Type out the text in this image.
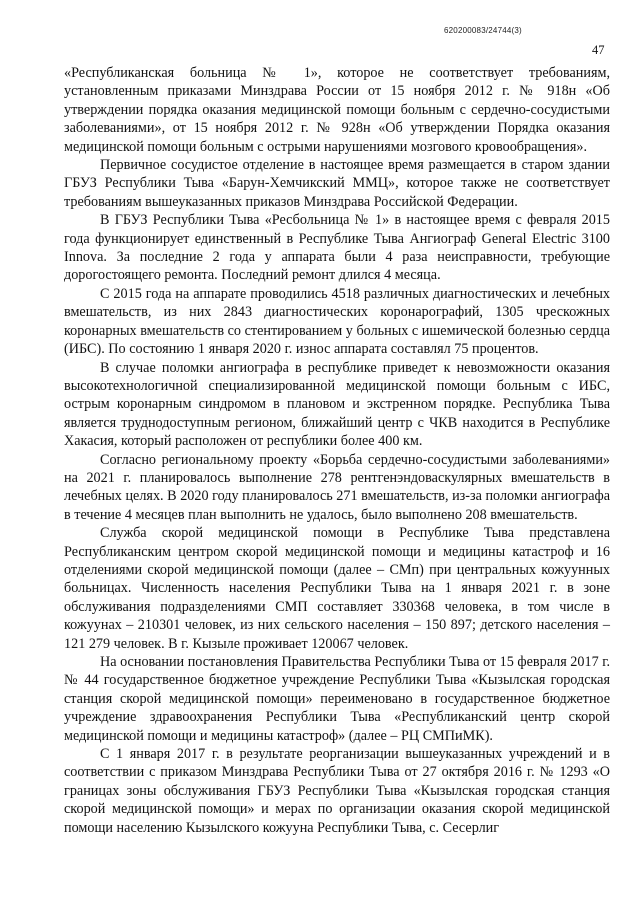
620200083/24744(3)
47

«Республиканская больница № 1», которое не соответствует требованиям, установленным приказами Минздрава России от 15 ноября 2012 г. № 918н «Об утверждении порядка оказания медицинской помощи больным с сердечно-сосудистыми заболеваниями», от 15 ноября 2012 г. № 928н «Об утверждении Порядка оказания медицинской помощи больным с острыми нарушениями мозгового кровообращения».

Первичное сосудистое отделение в настоящее время размещается в старом здании ГБУЗ Республики Тыва «Барун-Хемчикский ММЦ», которое также не соответствует требованиям вышеуказанных приказов Минздрава Российской Федерации.

В ГБУЗ Республики Тыва «Ресбольница № 1» в настоящее время с февраля 2015 года функционирует единственный в Республике Тыва Ангиограф General Electric 3100 Innova. За последние 2 года у аппарата были 4 раза неисправности, требующие дорогостоящего ремонта. Последний ремонт длился 4 месяца.

С 2015 года на аппарате проводились 4518 различных диагностических и лечебных вмешательств, из них 2843 диагностических коронарографий, 1305 чрескожных коронарных вмешательств со стентированием у больных с ишемической болезнью сердца (ИБС). По состоянию 1 января 2020 г. износ аппарата составлял 75 процентов.

В случае поломки ангиографа в республике приведет к невозможности оказания высокотехнологичной специализированной медицинской помощи больным с ИБС, острым коронарным синдромом в плановом и экстренном порядке. Республика Тыва является труднодоступным регионом, ближайший центр с ЧКВ находится в Республике Хакасия, который расположен от республики более 400 км.

Согласно региональному проекту «Борьба сердечно-сосудистыми заболеваниями» на 2021 г. планировалось выполнение 278 рентгенэндоваскулярных вмешательств в лечебных целях. В 2020 году планировалось 271 вмешательств, из-за поломки ангиографа в течение 4 месяцев план выполнить не удалось, было выполнено 208 вмешательств.

Служба скорой медицинской помощи в Республике Тыва представлена Республиканским центром скорой медицинской помощи и медицины катастроф и 16 отделениями скорой медицинской помощи (далее – СМп) при центральных кожуунных больницах. Численность населения Республики Тыва на 1 января 2021 г. в зоне обслуживания подразделениями СМП составляет 330368 человека, в том числе в кожуунах – 210301 человек, из них сельского населения – 150 897; детского населения – 121 279 человек. В г. Кызыле проживает 120067 человек.

На основании постановления Правительства Республики Тыва от 15 февраля 2017 г. № 44 государственное бюджетное учреждение Республики Тыва «Кызылская городская станция скорой медицинской помощи» переименовано в государственное бюджетное учреждение здравоохранения Республики Тыва «Республиканский центр скорой медицинской помощи и медицины катастроф» (далее – РЦ СМПиМК).

С 1 января 2017 г. в результате реорганизации вышеуказанных учреждений и в соответствии с приказом Минздрава Республики Тыва от 27 октября 2016 г. № 1293 «О границах зоны обслуживания ГБУЗ Республики Тыва «Кызылская городская станция скорой медицинской помощи» и мерах по организации оказания скорой медицинской помощи населению Кызылского кожууна Республики Тыва, с. Сесерлиг
